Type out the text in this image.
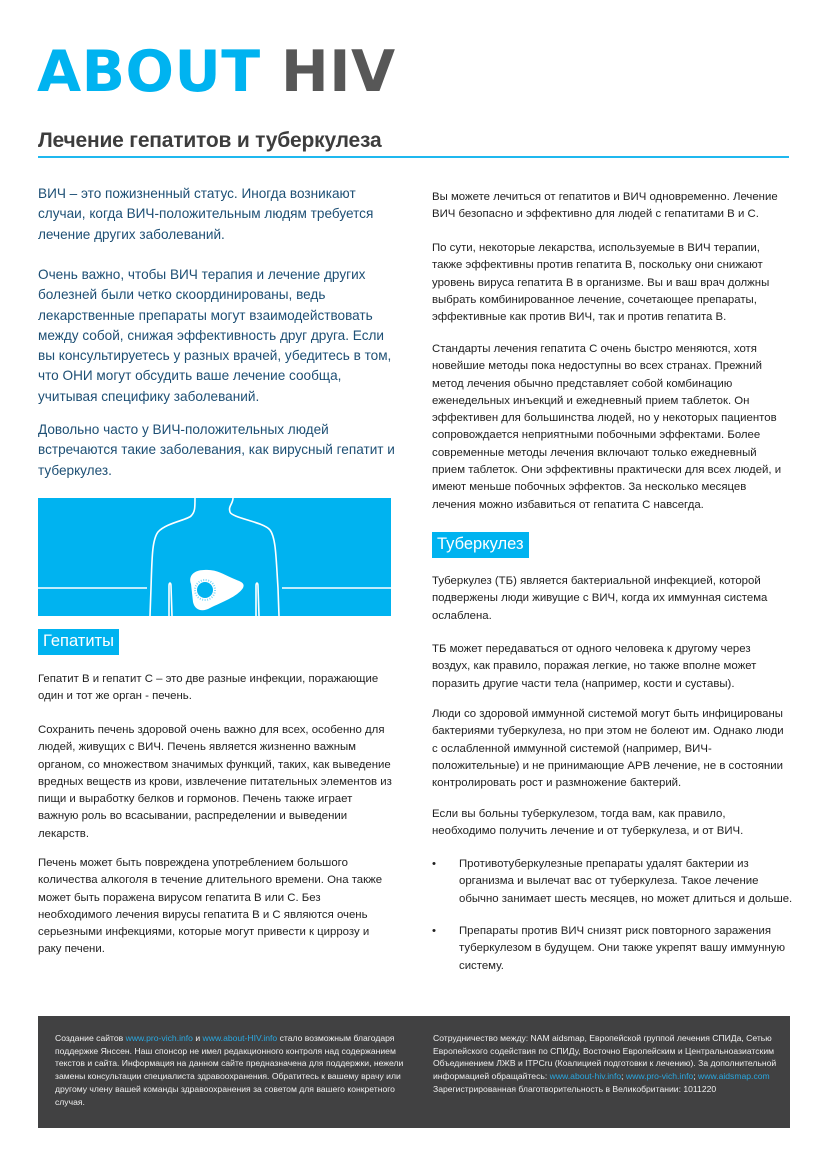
ABOUT HIV
Лечение гепатитов и туберкулеза

ВИЧ – это пожизненный статус. Иногда возникают случаи, когда ВИЧ-положительным людям требуется лечение других заболеваний.

Очень важно, чтобы ВИЧ терапия и лечение других болезней были четко скоординированы, ведь лекарственные препараты могут взаимодействовать между собой, снижая эффективность друг друга. Если вы консультируетесь у разных врачей, убедитесь в том, что ОНИ могут обсудить ваше лечение сообща, учитывая специфику заболеваний.

Довольно часто у ВИЧ-положительных людей встречаются такие заболевания, как вирусный гепатит и туберкулез.

Гепатиты

Гепатит В и гепатит С – это две разные инфекции, поражающие один и тот же орган - печень.

Сохранить печень здоровой очень важно для всех, особенно для людей, живущих с ВИЧ. Печень является жизненно важным органом, со множеством значимых функций, таких, как выведение вредных веществ из крови, извлечение питательных элементов из пищи и выработку белков и гормонов. Печень также играет важную роль во всасывании, распределении и выведении лекарств.

Печень может быть повреждена употреблением большого количества алкоголя в течение длительного времени. Она также может быть поражена вирусом гепатита В или С. Без необходимого лечения вирусы гепатита В и С являются очень серьезными инфекциями, которые могут привести к циррозу и раку печени.

Вы можете лечиться от гепатитов и ВИЧ одновременно. Лечение ВИЧ безопасно и эффективно для людей с гепатитами В и С.

По сути, некоторые лекарства, используемые в ВИЧ терапии, также эффективны против гепатита В, поскольку они снижают уровень вируса гепатита В в организме. Вы и ваш врач должны выбрать комбинированное лечение, сочетающее препараты, эффективные как против ВИЧ, так и против гепатита В.

Стандарты лечения гепатита С очень быстро меняются, хотя новейшие методы пока недоступны во всех странах. Прежний метод лечения обычно представляет собой комбинацию еженедельных инъекций и ежедневный прием таблеток. Он эффективен для большинства людей, но у некоторых пациентов сопровождается неприятными побочными эффектами. Более современные методы лечения включают только ежедневный прием таблеток. Они эффективны практически для всех людей, и имеют меньше побочных эффектов. За несколько месяцев лечения можно избавиться от гепатита С навсегда.

Туберкулез

Туберкулез (ТБ) является бактериальной инфекцией, которой подвержены люди живущие с ВИЧ, когда их иммунная система ослаблена.

ТБ может передаваться от одного человека к другому через воздух, как правило, поражая легкие, но также вполне может поразить другие части тела (например, кости и суставы).

Люди со здоровой иммунной системой могут быть инфицированы бактериями туберкулеза, но при этом не болеют им. Однако люди с ослабленной иммунной системой (например, ВИЧ-положительные) и не принимающие АРВ лечение, не в состоянии контролировать рост и размножение бактерий.

Если вы больны туберкулезом, тогда вам, как правило, необходимо получить лечение и от туберкулеза, и от ВИЧ.

•	Противотуберкулезные препараты удалят бактерии из организма и вылечат вас от туберкулеза. Такое лечение обычно занимает шесть месяцев, но может длиться и дольше.
•	Препараты против ВИЧ снизят риск повторного заражения туберкулезом в будущем. Они также укрепят вашу иммунную систему.
Создание сайтов www.pro-vich.info и www.about-HIV.info стало возможным благодаря поддержке Янссен. Наш спонсор не имел редакционного контроля над содержанием текстов и сайта. Информация на данном сайте предназначена для поддержки, нежели замены консультации специалиста здравоохранения. Обратитесь к вашему врачу или другому члену вашей команды здравоохранения за советом для вашего конкретного случая.
Сотрудничество между: NAM aidsmap, Европейской группой лечения СПИДа, Сетью Европейского содействия по СПИДу, Восточно Европейским и Центральноазиатским Объединением ЛЖВ и ITPCru (Коалицией подготовки к лечению). За дополнительной информацией обращайтесь: www.about-hiv.info; www.pro-vich.info; www.aidsmap.com Зарегистрированная благотворительность в Великобритании: 1011220
